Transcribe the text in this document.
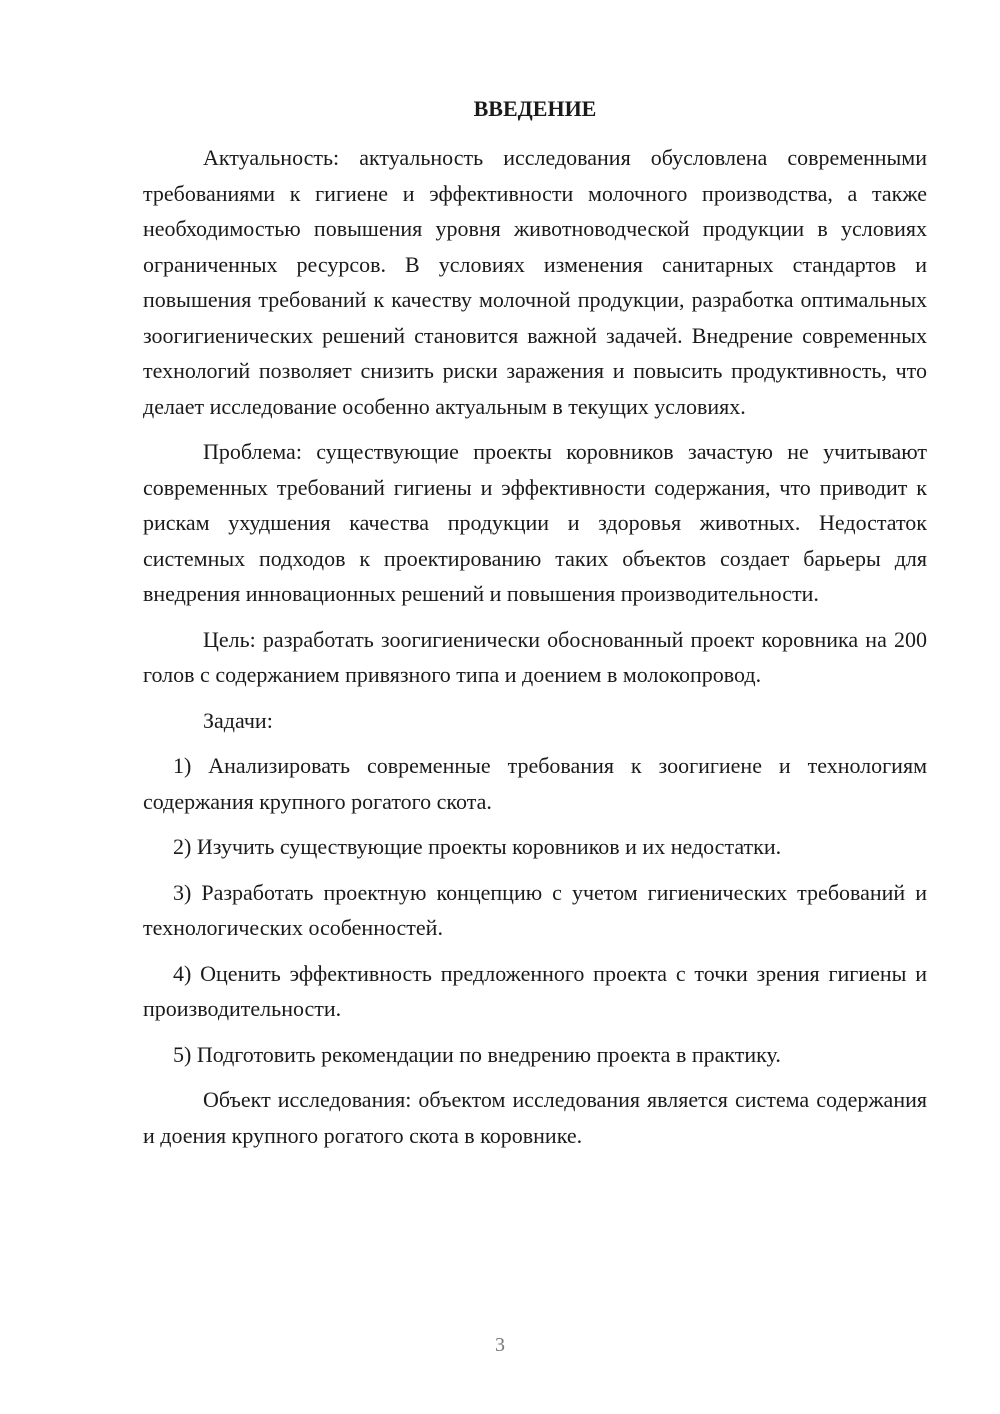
ВВЕДЕНИЕ

Актуальность: актуальность исследования обусловлена современными требованиями к гигиене и эффективности молочного производства, а также необходимостью повышения уровня животноводческой продукции в условиях ограниченных ресурсов. В условиях изменения санитарных стандартов и повышения требований к качеству молочной продукции, разработка оптимальных зоогигиенических решений становится важной задачей. Внедрение современных технологий позволяет снизить риски заражения и повысить продуктивность, что делает исследование особенно актуальным в текущих условиях.

Проблема: существующие проекты коровников зачастую не учитывают современных требований гигиены и эффективности содержания, что приводит к рискам ухудшения качества продукции и здоровья животных. Недостаток системных подходов к проектированию таких объектов создает барьеры для внедрения инновационных решений и повышения производительности.

Цель: разработать зоогигиенически обоснованный проект коровника на 200 голов с содержанием привязного типа и доением в молокопровод.

Задачи:

1) Анализировать современные требования к зоогигиене и технологиям содержания крупного рогатого скота.

2) Изучить существующие проекты коровников и их недостатки.

3) Разработать проектную концепцию с учетом гигиенических требований и технологических особенностей.

4) Оценить эффективность предложенного проекта с точки зрения гигиены и производительности.

5) Подготовить рекомендации по внедрению проекта в практику.

Объект исследования: объектом исследования является система содержания и доения крупного рогатого скота в коровнике.

3
